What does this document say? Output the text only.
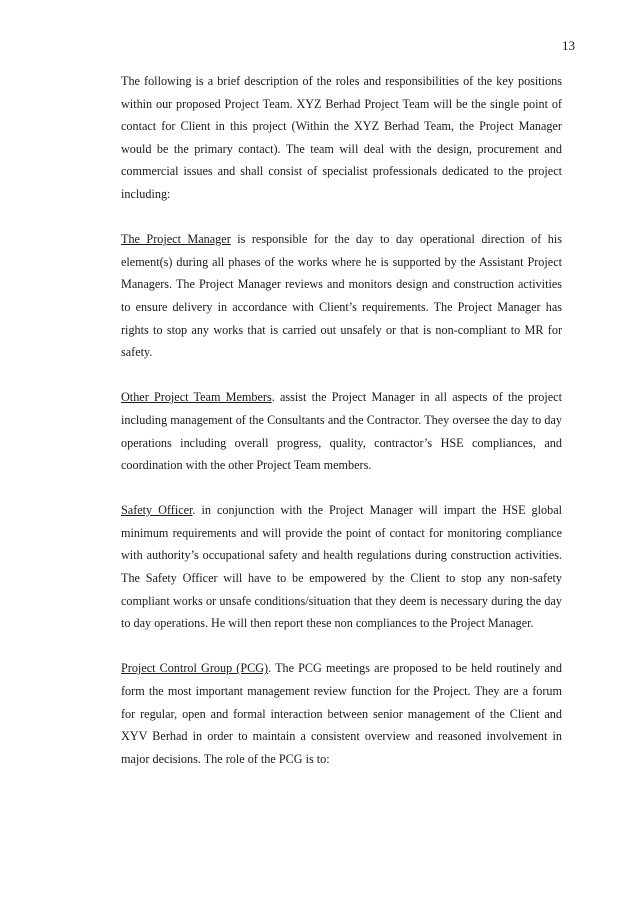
13

The following is a brief description of the roles and responsibilities of the key positions within our proposed Project Team. XYZ Berhad Project Team will be the single point of contact for Client in this project (Within the XYZ Berhad Team, the Project Manager would be the primary contact). The team will deal with the design, procurement and commercial issues and shall consist of specialist professionals dedicated to the project including:

The Project Manager is responsible for the day to day operational direction of his element(s) during all phases of the works where he is supported by the Assistant Project Managers. The Project Manager reviews and monitors design and construction activities to ensure delivery in accordance with Client’s requirements. The Project Manager has rights to stop any works that is carried out unsafely or that is non-compliant to MR for safety.

Other Project Team Members. assist the Project Manager in all aspects of the project including management of the Consultants and the Contractor. They oversee the day to day operations including overall progress, quality, contractor’s HSE compliances, and coordination with the other Project Team members.

Safety Officer. in conjunction with the Project Manager will impart the HSE global minimum requirements and will provide the point of contact for monitoring compliance with authority’s occupational safety and health regulations during construction activities. The Safety Officer will have to be empowered by the Client to stop any non-safety compliant works or unsafe conditions/situation that they deem is necessary during the day to day operations. He will then report these non compliances to the Project Manager.

Project Control Group (PCG). The PCG meetings are proposed to be held routinely and form the most important management review function for the Project. They are a forum for regular, open and formal interaction between senior management of the Client and XYV Berhad in order to maintain a consistent overview and reasoned involvement in major decisions. The role of the PCG is to:
